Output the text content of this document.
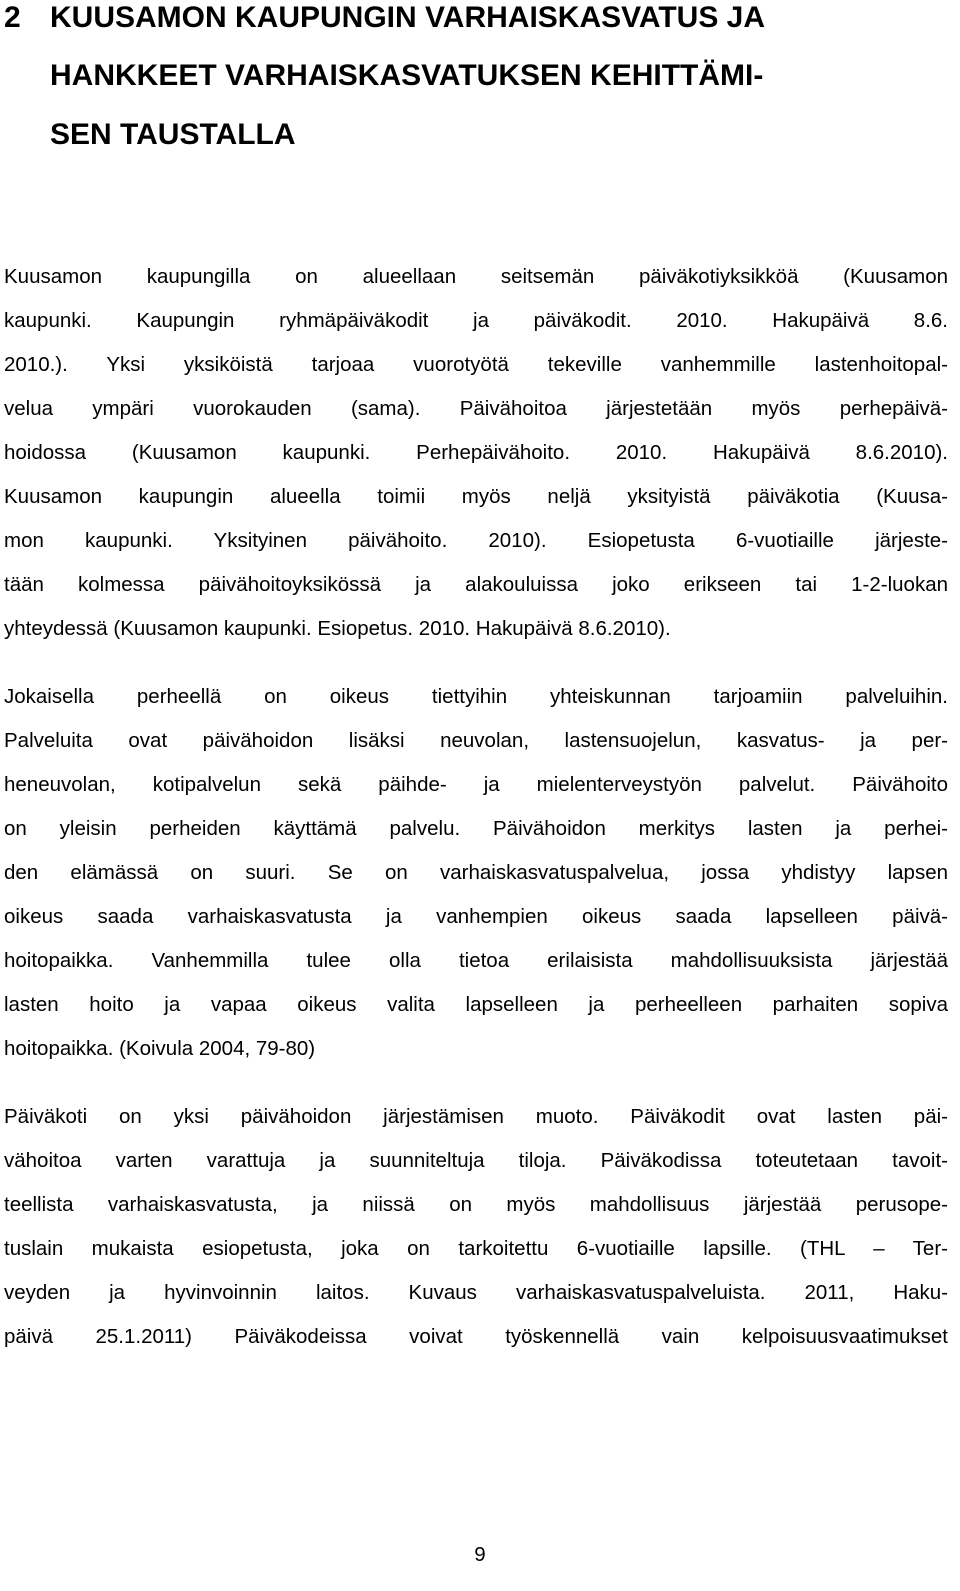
2 KUUSAMON KAUPUNGIN VARHAISKASVATUS JA
HANKKEET VARHAISKASVATUKSEN KEHITTÄMI-
SEN TAUSTALLA
Kuusamon kaupungilla on alueellaan seitsemän päiväkotiyksikköä (Kuusamon
kaupunki. Kaupungin ryhmäpäiväkodit ja päiväkodit. 2010. Hakupäivä 8.6.
2010.). Yksi yksiköistä tarjoaa vuorotyötä tekeville vanhemmille lastenhoitopal-
velua ympäri vuorokauden (sama). Päivähoitoa järjestetään myös perhepäivä-
hoidossa (Kuusamon kaupunki. Perhepäivähoito. 2010. Hakupäivä 8.6.2010).
Kuusamon kaupungin alueella toimii myös neljä yksityistä päiväkotia (Kuusa-
mon kaupunki. Yksityinen päivähoito. 2010). Esiopetusta 6-vuotiaille järjeste-
tään kolmessa päivähoitoyksikössä ja alakouluissa joko erikseen tai 1-2-luokan
yhteydessä (Kuusamon kaupunki. Esiopetus. 2010. Hakupäivä 8.6.2010).
Jokaisella perheellä on oikeus tiettyihin yhteiskunnan tarjoamiin palveluihin.
Palveluita ovat päivähoidon lisäksi neuvolan, lastensuojelun, kasvatus- ja per-
heneuvolan, kotipalvelun sekä päihde- ja mielenterveystyön palvelut. Päivähoito
on yleisin perheiden käyttämä palvelu. Päivähoidon merkitys lasten ja perhei-
den elämässä on suuri. Se on varhaiskasvatuspalvelua, jossa yhdistyy lapsen
oikeus saada varhaiskasvatusta ja vanhempien oikeus saada lapselleen päivä-
hoitopaikka. Vanhemmilla tulee olla tietoa erilaisista mahdollisuuksista järjestää
lasten hoito ja vapaa oikeus valita lapselleen ja perheelleen parhaiten sopiva
hoitopaikka. (Koivula 2004, 79-80)
Päiväkoti on yksi päivähoidon järjestämisen muoto. Päiväkodit ovat lasten päi-
vähoitoa varten varattuja ja suunniteltuja tiloja. Päiväkodissa toteutetaan tavoit-
teellista varhaiskasvatusta, ja niissä on myös mahdollisuus järjestää perusope-
tuslain mukaista esiopetusta, joka on tarkoitettu 6-vuotiaille lapsille. (THL – Ter-
veyden ja hyvinvoinnin laitos. Kuvaus varhaiskasvatuspalveluista. 2011, Haku-
päivä 25.1.2011) Päiväkodeissa voivat työskennellä vain kelpoisuusvaatimukset
9
